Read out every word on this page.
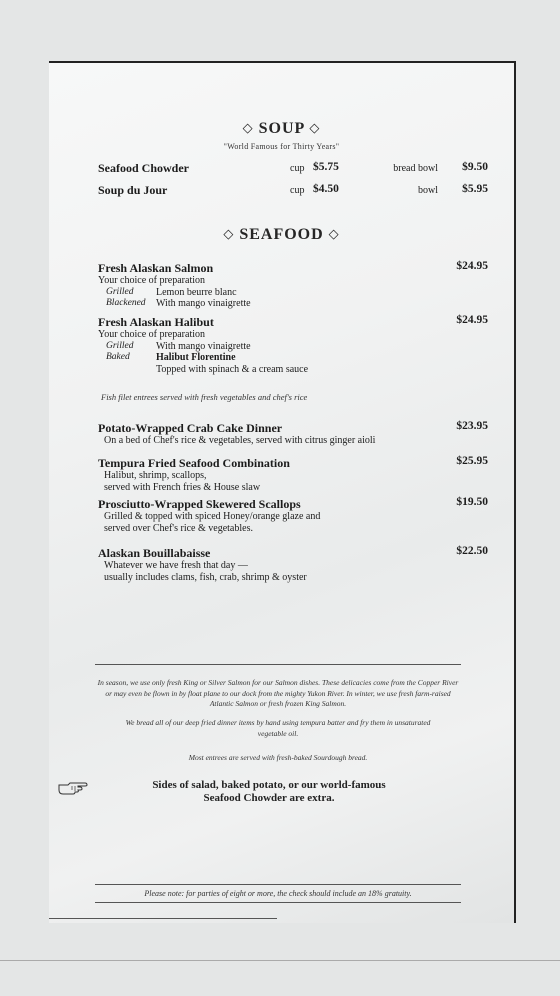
◇ SOUP ◇
"World Famous for Thirty Years"
Seafood Chowder	cup $5.75	bread bowl $9.50
Soup du Jour	cup $4.50	bowl $5.95
◇ SEAFOOD ◇
Fresh Alaskan Salmon	$24.95
Your choice of preparation
Grilled	Lemon beurre blanc
Blackened	With mango vinaigrette
Fresh Alaskan Halibut	$24.95
Your choice of preparation
Grilled	With mango vinaigrette
Baked	Halibut Florentine
Topped with spinach & a cream sauce
Fish filet entrees served with fresh vegetables and chef's rice
Potato-Wrapped Crab Cake Dinner	$23.95
On a bed of Chef's rice & vegetables, served with citrus ginger aioli
Tempura Fried Seafood Combination	$25.95
Halibut, shrimp, scallops,
served with French fries & House slaw
Prosciutto-Wrapped Skewered Scallops	$19.50
Grilled & topped with spiced Honey/orange glaze and
served over Chef's rice & vegetables.
Alaskan Bouillabaisse	$22.50
Whatever we have fresh that day —
usually includes clams, fish, crab, shrimp & oyster
In season, we use only fresh King or Silver Salmon for our Salmon dishes. These delicacies come from the Copper River or may even be flown in by float plane to our dock from the mighty Yukon River. In winter, we use fresh farm-raised Atlantic Salmon or fresh frozen King Salmon.
We bread all of our deep fried dinner items by hand using tempura batter and fry them in unsaturated vegetable oil.
Most entrees are served with fresh-baked Sourdough bread.
Sides of salad, baked potato, or our world-famous
Seafood Chowder are extra.
Please note: for parties of eight or more, the check should include an 18% gratuity.
